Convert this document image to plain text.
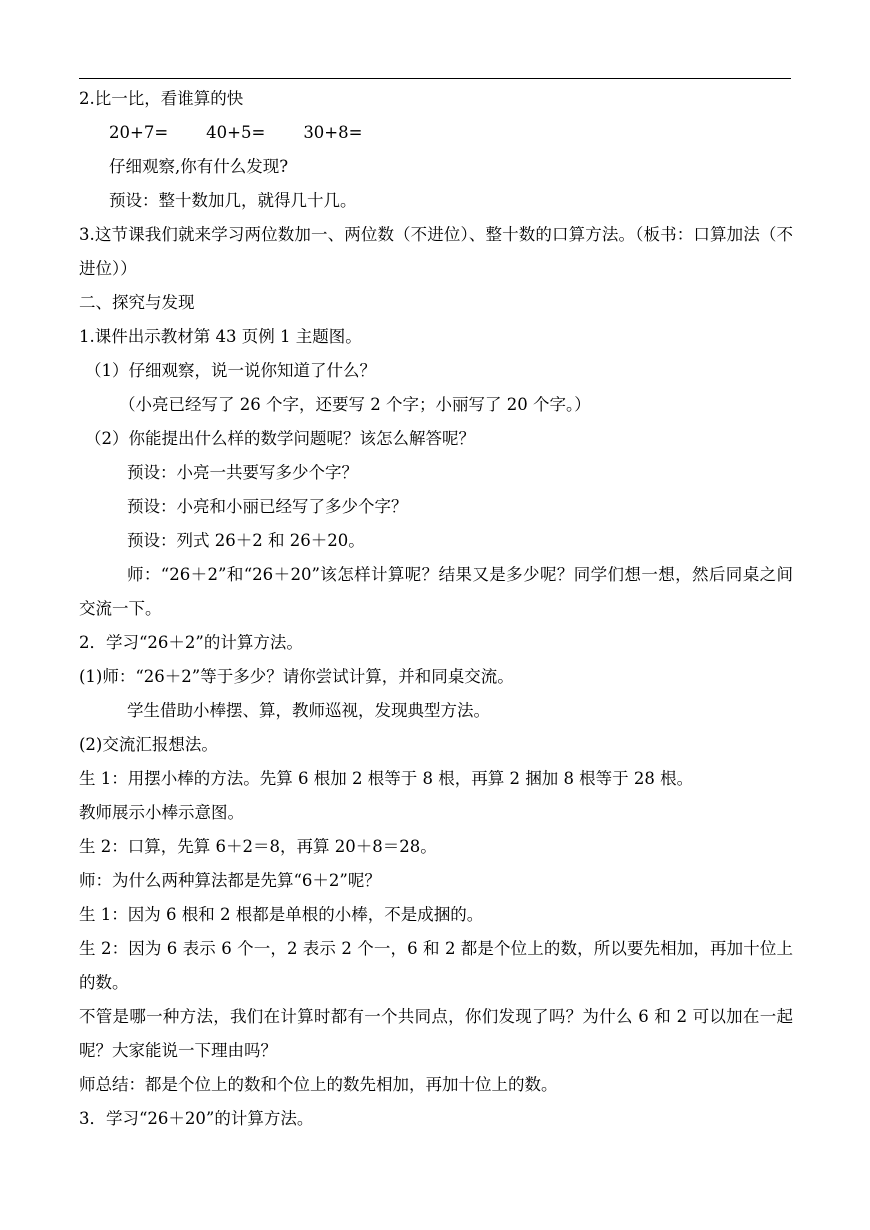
2.比一比，看谁算的快
20+7= 40+5= 30+8=
仔细观察,你有什么发现?
预设：整十数加几，就得几十几。
3.这节课我们就来学习两位数加一、两位数（不进位）、整十数的口算方法。（板书：口算加法（不进位））
二、探究与发现
1.课件出示教材第 43 页例 1 主题图。
（1）仔细观察，说一说你知道了什么？
（小亮已经写了 26 个字，还要写 2 个字；小丽写了 20 个字。）
（2）你能提出什么样的数学问题呢？该怎么解答呢？
预设：小亮一共要写多少个字？
预设：小亮和小丽已经写了多少个字？
预设：列式 26＋2 和 26＋20。
师：“26＋2”和“26＋20”该怎样计算呢？结果又是多少呢？同学们想一想，然后同桌之间交流一下。
2．学习“26＋2”的计算方法。
(1)师：“26＋2”等于多少？请你尝试计算，并和同桌交流。
学生借助小棒摆、算，教师巡视，发现典型方法。
(2)交流汇报想法。
生 1：用摆小棒的方法。先算 6 根加 2 根等于 8 根，再算 2 捆加 8 根等于 28 根。
教师展示小棒示意图。
生 2：口算，先算 6＋2＝8，再算 20＋8＝28。
师：为什么两种算法都是先算“6＋2”呢？
生 1：因为 6 根和 2 根都是单根的小棒，不是成捆的。
生 2：因为 6 表示 6 个一，2 表示 2 个一，6 和 2 都是个位上的数，所以要先相加，再加十位上的数。
不管是哪一种方法，我们在计算时都有一个共同点，你们发现了吗？为什么 6 和 2 可以加在一起呢？大家能说一下理由吗？
师总结：都是个位上的数和个位上的数先相加，再加十位上的数。
3．学习“26＋20”的计算方法。
